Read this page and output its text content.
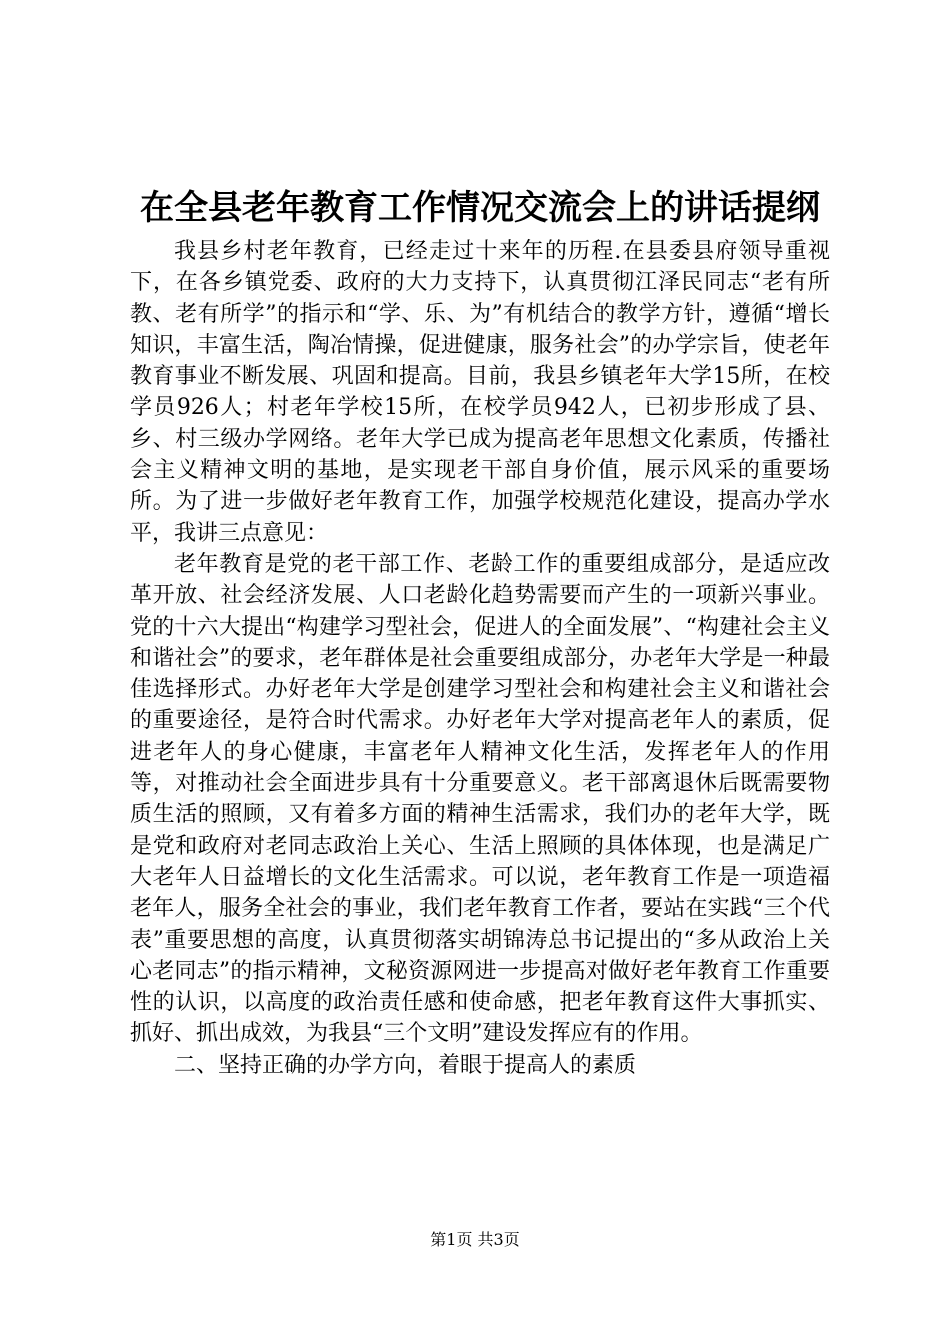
在全县老年教育工作情况交流会上的讲话提纲

我县乡村老年教育，已经走过十来年的历程.在县委县府领导重视下，在各乡镇党委、政府的大力支持下，认真贯彻江泽民同志“老有所教、老有所学”的指示和“学、乐、为”有机结合的教学方针，遵循“增长知识，丰富生活，陶冶情操，促进健康，服务社会”的办学宗旨，使老年教育事业不断发展、巩固和提高。目前，我县乡镇老年大学15所，在校学员926人；村老年学校15所，在校学员942人，已初步形成了县、乡、村三级办学网络。老年大学已成为提高老年思想文化素质，传播社会主义精神文明的基地，是实现老干部自身价值，展示风采的重要场所。为了进一步做好老年教育工作，加强学校规范化建设，提高办学水平，我讲三点意见：

老年教育是党的老干部工作、老龄工作的重要组成部分，是适应改革开放、社会经济发展、人口老龄化趋势需要而产生的一项新兴事业。党的十六大提出“构建学习型社会，促进人的全面发展”、“构建社会主义和谐社会”的要求，老年群体是社会重要组成部分，办老年大学是一种最佳选择形式。办好老年大学是创建学习型社会和构建社会主义和谐社会的重要途径，是符合时代需求。办好老年大学对提高老年人的素质，促进老年人的身心健康，丰富老年人精神文化生活，发挥老年人的作用等，对推动社会全面进步具有十分重要意义。老干部离退休后既需要物质生活的照顾，又有着多方面的精神生活需求，我们办的老年大学，既是党和政府对老同志政治上关心、生活上照顾的具体体现，也是满足广大老年人日益增长的文化生活需求。可以说，老年教育工作是一项造福老年人，服务全社会的事业，我们老年教育工作者，要站在实践“三个代表”重要思想的高度，认真贯彻落实胡锦涛总书记提出的“多从政治上关心老同志”的指示精神，文秘资源网进一步提高对做好老年教育工作重要性的认识，以高度的政治责任感和使命感，把老年教育这件大事抓实、抓好、抓出成效，为我县“三个文明”建设发挥应有的作用。

二、坚持正确的办学方向，着眼于提高人的素质

第1页 共3页
